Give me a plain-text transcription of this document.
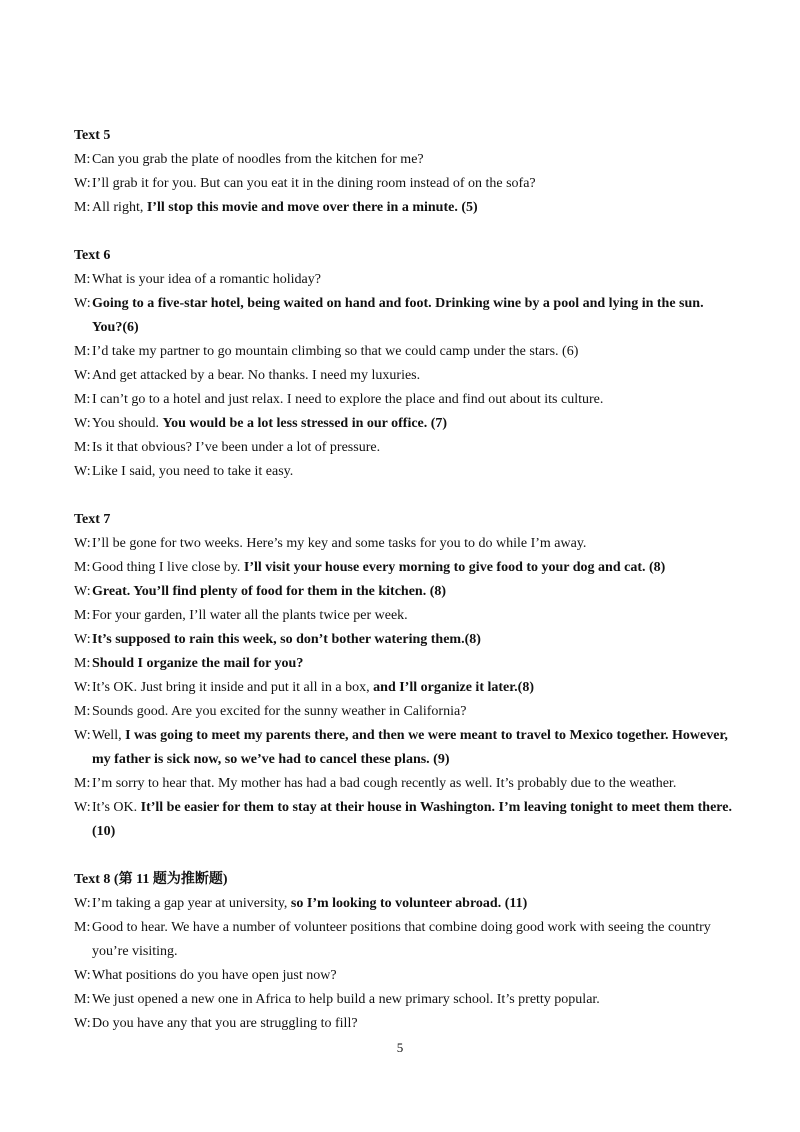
Text 5
M: Can you grab the plate of noodles from the kitchen for me?
W: I’ll grab it for you. But can you eat it in the dining room instead of on the sofa?
M: All right, I’ll stop this movie and move over there in a minute. (5)
Text 6
M: What is your idea of a romantic holiday?
W: Going to a five-star hotel, being waited on hand and foot. Drinking wine by a pool and lying in the sun.
You?(6)
M: I’d take my partner to go mountain climbing so that we could camp under the stars. (6)
W: And get attacked by a bear. No thanks. I need my luxuries.
M: I can’t go to a hotel and just relax. I need to explore the place and find out about its culture.
W: You should. You would be a lot less stressed in our office. (7)
M: Is it that obvious? I’ve been under a lot of pressure.
W: Like I said, you need to take it easy.
Text 7
W: I’ll be gone for two weeks. Here’s my key and some tasks for you to do while I’m away.
M: Good thing I live close by. I’ll visit your house every morning to give food to your dog and cat. (8)
W: Great. You’ll find plenty of food for them in the kitchen. (8)
M: For your garden, I’ll water all the plants twice per week.
W: It’s supposed to rain this week, so don’t bother watering them.(8)
M: Should I organize the mail for you?
W: It’s OK. Just bring it inside and put it all in a box, and I’ll organize it later.(8)
M: Sounds good. Are you excited for the sunny weather in California?
W: Well, I was going to meet my parents there, and then we were meant to travel to Mexico together. However,
my father is sick now, so we’ve had to cancel these plans. (9)
M: I’m sorry to hear that. My mother has had a bad cough recently as well. It’s probably due to the weather.
W: It’s OK. It’ll be easier for them to stay at their house in Washington. I’m leaving tonight to meet them there.
(10)
Text 8 (第 11 题为推断题)
W: I’m taking a gap year at university, so I’m looking to volunteer abroad. (11)
M: Good to hear. We have a number of volunteer positions that combine doing good work with seeing the country
you’re visiting.
W: What positions do you have open just now?
M: We just opened a new one in Africa to help build a new primary school. It’s pretty popular.
W: Do you have any that you are struggling to fill?
5
